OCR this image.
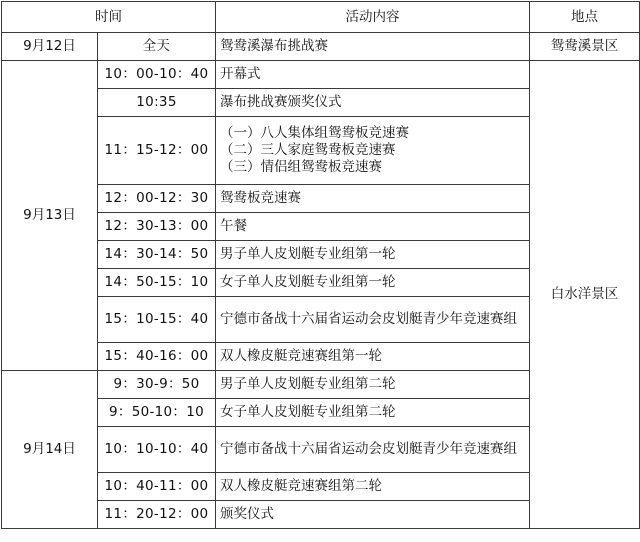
时间		活动内容	地点
9月12日	全天	鸳鸯溪瀑布挑战赛	鸳鸯溪景区
9月13日	10：00-10：40	开幕式	白水洋景区
	10:35	瀑布挑战赛颁奖仪式	
	11：15-12：00	（一）八人集体组鸳鸯板竞速赛
（二）三人家庭鸳鸯板竞速赛
（三）情侣组鸳鸯板竞速赛	
	12：00-12：30	鸳鸯板竞速赛	
	12：30-13：00	午餐	
	14：30-14：50	男子单人皮划艇专业组第一轮	
	14：50-15：10	女子单人皮划艇专业组第一轮	
	15：10-15：40	宁德市备战十六届省运动会皮划艇青少年竞速赛组	
	15：40-16：00	双人橡皮艇竞速赛组第一轮	
9月14日	9：30-9：50	男子单人皮划艇专业组第二轮	
	9：50-10：10	女子单人皮划艇专业组第二轮	
	10：10-10：40	宁德市备战十六届省运动会皮划艇青少年竞速赛组	
	10：40-11：00	双人橡皮艇竞速赛组第二轮	
	11：20-12：00	颁奖仪式	
